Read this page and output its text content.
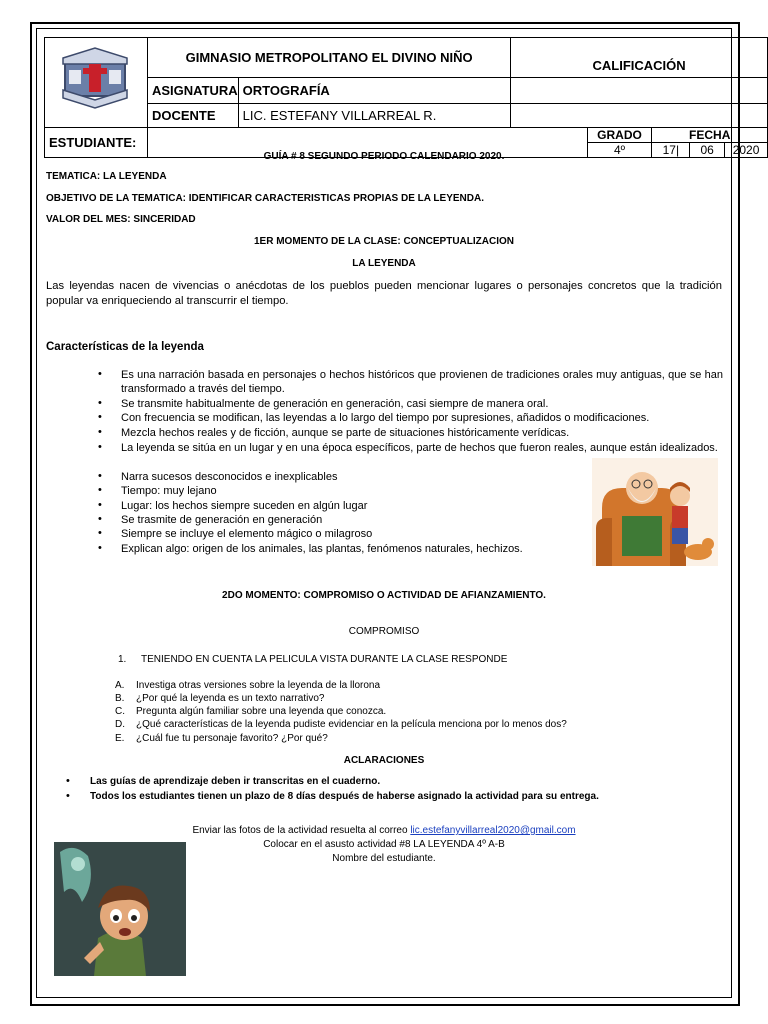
	GIMNASIO METROPOLITANO EL DIVINO NIÑO		CALIFICACIÓN				
	ASIGNATURA	ORTOGRAFÍA					
	DOCENTE	LIC. ESTEFANY VILLARREAL R.					
ESTUDIANTE:				GRADO	FECHA		
				4º	17|	06	2020
GUÍA # 8 SEGUNDO PERIODO CALENDARIO 2020.
TEMATICA: LA LEYENDA
OBJETIVO DE LA TEMATICA: IDENTIFICAR CARACTERISTICAS PROPIAS DE LA LEYENDA.
VALOR DEL MES: SINCERIDAD
1ER MOMENTO DE LA CLASE: CONCEPTUALIZACION
LA LEYENDA
Las leyendas nacen de vivencias o anécdotas de los pueblos pueden mencionar lugares o personajes concretos que la tradición popular va enriqueciendo al transcurrir el tiempo.
Características de la leyenda
• Es una narración basada en personajes o hechos históricos que provienen de tradiciones orales muy antiguas, que se han transformado a través del tiempo.
• Se transmite habitualmente de generación en generación, casi siempre de manera oral.
• Con frecuencia se modifican, las leyendas a lo largo del tiempo por supresiones, añadidos o modificaciones.
• Mezcla hechos reales y de ficción, aunque se parte de situaciones históricamente verídicas.
• La leyenda se sitúa en un lugar y en una época específicos, parte de hechos que fueron reales, aunque están idealizados.
• Narra sucesos desconocidos e inexplicables
• Tiempo: muy lejano
• Lugar: los hechos siempre suceden en algún lugar
• Se trasmite de generación en generación
• Siempre se incluye el elemento mágico o milagroso
• Explican algo: origen de los animales, las plantas, fenómenos naturales, hechizos.
2DO MOMENTO: COMPROMISO O ACTIVIDAD DE AFIANZAMIENTO.
COMPROMISO
1. TENIENDO EN CUENTA LA PELICULA VISTA DURANTE LA CLASE RESPONDE
A. Investiga otras versiones sobre la leyenda de la llorona
B. ¿Por qué la leyenda es un texto narrativo?
C. Pregunta algún familiar sobre una leyenda que conozca.
D. ¿Qué características de la leyenda pudiste evidenciar en la película menciona por lo menos dos?
E. ¿Cuál fue tu personaje favorito? ¿Por qué?
ACLARACIONES
• Las guías de aprendizaje deben ir transcritas en el cuaderno.
• Todos los estudiantes tienen un plazo de 8 días después de haberse asignado la actividad para su entrega.
Enviar las fotos de la actividad resuelta al correo lic.estefanyvillarreal2020@gmail.com
Colocar en el asusto actividad #8 LA LEYENDA 4º A-B
Nombre del estudiante.
